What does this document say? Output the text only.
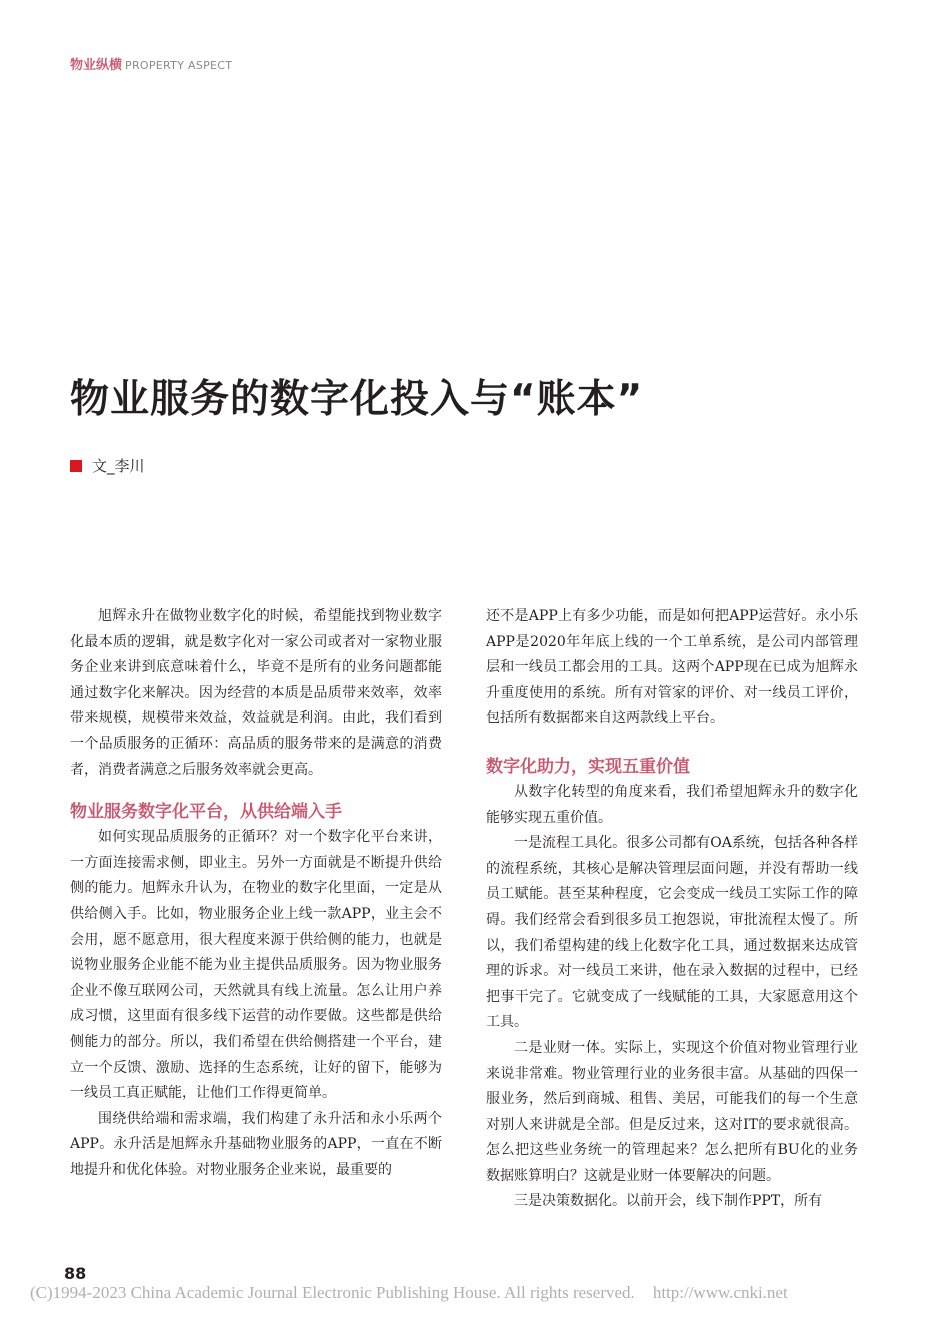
物业纵横 PROPERTY ASPECT
物业服务的数字化投入与“账本”
文_李川

旭辉永升在做物业数字化的时候，希望能找到物业数字化最本质的逻辑，就是数字化对一家公司或者对一家物业服务企业来讲到底意味着什么，毕竟不是所有的业务问题都能通过数字化来解决。因为经营的本质是品质带来效率，效率带来规模，规模带来效益，效益就是利润。由此，我们看到一个品质服务的正循环：高品质的服务带来的是满意的消费者，消费者满意之后服务效率就会更高。

物业服务数字化平台，从供给端入手

如何实现品质服务的正循环？对一个数字化平台来讲，一方面连接需求侧，即业主。另外一方面就是不断提升供给侧的能力。旭辉永升认为，在物业的数字化里面，一定是从供给侧入手。比如，物业服务企业上线一款APP，业主会不会用，愿不愿意用，很大程度来源于供给侧的能力，也就是说物业服务企业能不能为业主提供品质服务。因为物业服务企业不像互联网公司，天然就具有线上流量。怎么让用户养成习惯，这里面有很多线下运营的动作要做。这些都是供给侧能力的部分。所以，我们希望在供给侧搭建一个平台，建立一个反馈、激励、选择的生态系统，让好的留下，能够为一线员工真正赋能，让他们工作得更简单。

围绕供给端和需求端，我们构建了永升活和永小乐两个APP。永升活是旭辉永升基础物业服务的APP，一直在不断地提升和优化体验。对物业服务企业来说，最重要的

还不是APP上有多少功能，而是如何把APP运营好。永小乐APP是2020年年底上线的一个工单系统，是公司内部管理层和一线员工都会用的工具。这两个APP现在已成为旭辉永升重度使用的系统。所有对管家的评价、对一线员工评价，包括所有数据都来自这两款线上平台。

数字化助力，实现五重价值

从数字化转型的角度来看，我们希望旭辉永升的数字化能够实现五重价值。

一是流程工具化。很多公司都有OA系统，包括各种各样的流程系统，其核心是解决管理层面问题，并没有帮助一线员工赋能。甚至某种程度，它会变成一线员工实际工作的障碍。我们经常会看到很多员工抱怨说，审批流程太慢了。所以，我们希望构建的线上化数字化工具，通过数据来达成管理的诉求。对一线员工来讲，他在录入数据的过程中，已经把事干完了。它就变成了一线赋能的工具，大家愿意用这个工具。

二是业财一体。实际上，实现这个价值对物业管理行业来说非常难。物业管理行业的业务很丰富。从基础的四保一服业务，然后到商城、租售、美居，可能我们的每一个生意对别人来讲就是全部。但是反过来，这对IT的要求就很高。怎么把这些业务统一的管理起来？怎么把所有BU化的业务数据账算明白？这就是业财一体要解决的问题。

三是决策数据化。以前开会，线下制作PPT，所有

88
(C)1994-2023 China Academic Journal Electronic Publishing House. All rights reserved. http://www.cnki.net
